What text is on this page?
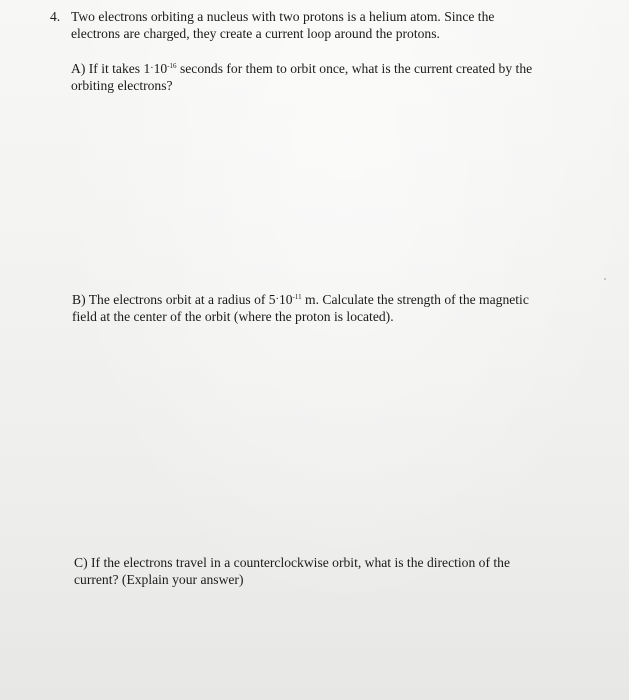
4. Two electrons orbiting a nucleus with two protons is a helium atom. Since the
electrons are charged, they create a current loop around the protons.
A) If it takes $1\cdot 10^{-16}$ seconds for them to orbit once, what is the current created by the
orbiting electrons?
B) The electrons orbit at a radius of $5\cdot 10^{-11}$ m. Calculate the strength of the magnetic
field at the center of the orbit (where the proton is located).
C) If the electrons travel in a counterclockwise orbit, what is the direction of the
current? (Explain your answer)
